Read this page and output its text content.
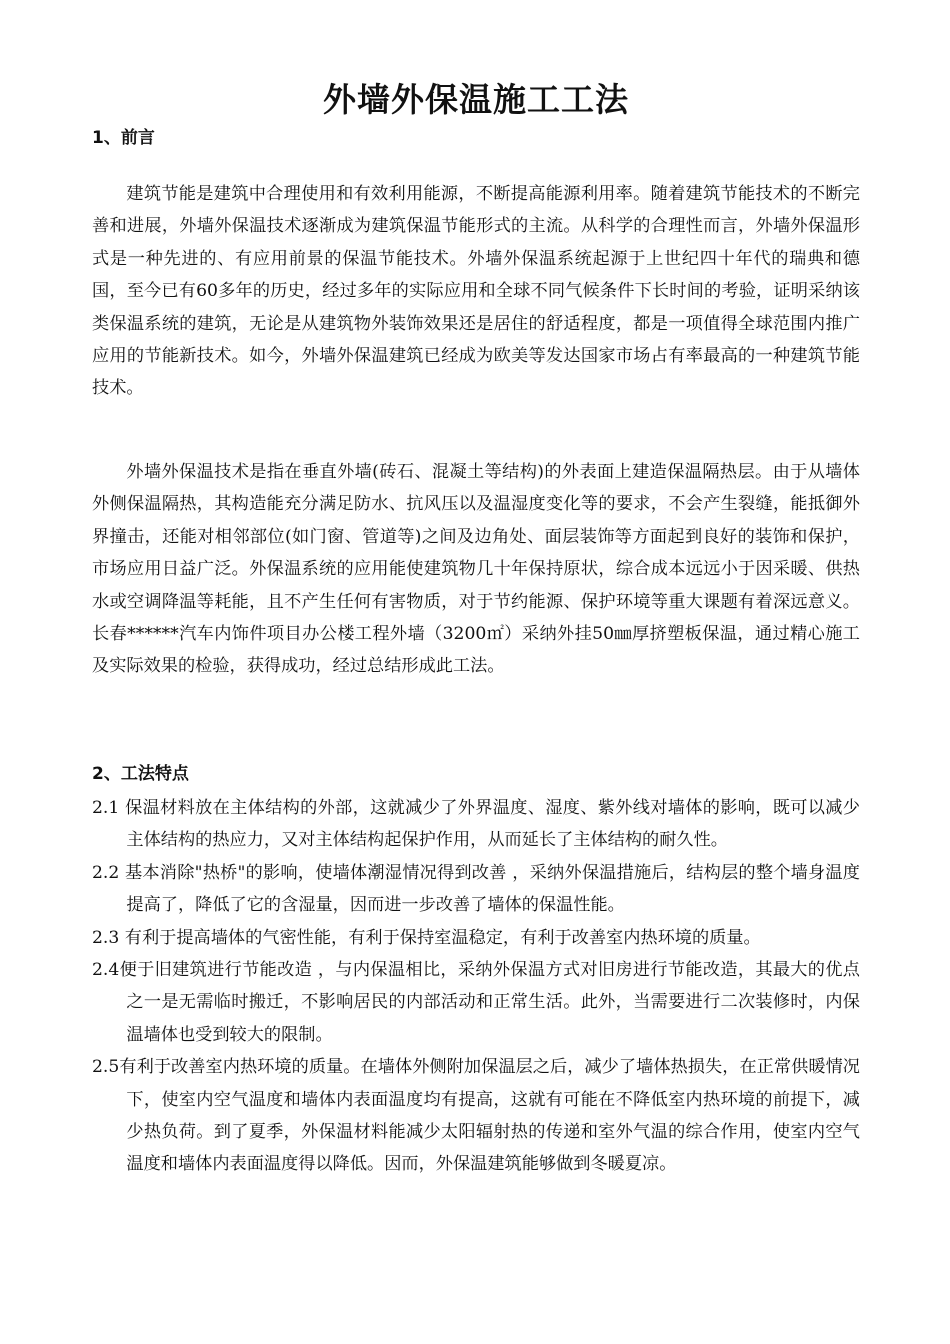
外墙外保温施工工法
1、前言

建筑节能是建筑中合理使用和有效利用能源，不断提高能源利用率。随着建筑节能技术的不断完善和进展，外墙外保温技术逐渐成为建筑保温节能形式的主流。从科学的合理性而言，外墙外保温形式是一种先进的、有应用前景的保温节能技术。外墙外保温系统起源于上世纪四十年代的瑞典和德国，至今已有60多年的历史，经过多年的实际应用和全球不同气候条件下长时间的考验，证明采纳该类保温系统的建筑，无论是从建筑物外装饰效果还是居住的舒适程度，都是一项值得全球范围内推广应用的节能新技术。如今，外墙外保温建筑已经成为欧美等发达国家市场占有率最高的一种建筑节能技术。

外墙外保温技术是指在垂直外墙(砖石、混凝土等结构)的外表面上建造保温隔热层。由于从墙体外侧保温隔热，其构造能充分满足防水、抗风压以及温湿度变化等的要求，不会产生裂缝，能抵御外界撞击，还能对相邻部位(如门窗、管道等)之间及边角处、面层装饰等方面起到良好的装饰和保护，市场应用日益广泛。外保温系统的应用能使建筑物几十年保持原状，综合成本远远小于因采暖、供热水或空调降温等耗能，且不产生任何有害物质，对于节约能源、保护环境等重大课题有着深远意义。长春******汽车内饰件项目办公楼工程外墙（3200㎡）采纳外挂50㎜厚挤塑板保温，通过精心施工及实际效果的检验，获得成功，经过总结形成此工法。

2、工法特点

2.1 保温材料放在主体结构的外部，这就减少了外界温度、湿度、紫外线对墙体的影响，既可以减少主体结构的热应力，又对主体结构起保护作用，从而延长了主体结构的耐久性。

2.2 基本消除"热桥"的影响，使墙体潮湿情况得到改善 ，采纳外保温措施后，结构层的整个墙身温度提高了，降低了它的含湿量，因而进一步改善了墙体的保温性能。

2.3 有利于提高墙体的气密性能，有利于保持室温稳定，有利于改善室内热环境的质量。

2.4便于旧建筑进行节能改造 ，与内保温相比，采纳外保温方式对旧房进行节能改造，其最大的优点之一是无需临时搬迁，不影响居民的内部活动和正常生活。此外，当需要进行二次装修时，内保温墙体也受到较大的限制。

2.5有利于改善室内热环境的质量。在墙体外侧附加保温层之后，减少了墙体热损失，在正常供暖情况下，使室内空气温度和墙体内表面温度均有提高，这就有可能在不降低室内热环境的前提下，减少热负荷。到了夏季，外保温材料能减少太阳辐射热的传递和室外气温的综合作用，使室内空气温度和墙体内表面温度得以降低。因而，外保温建筑能够做到冬暖夏凉。
